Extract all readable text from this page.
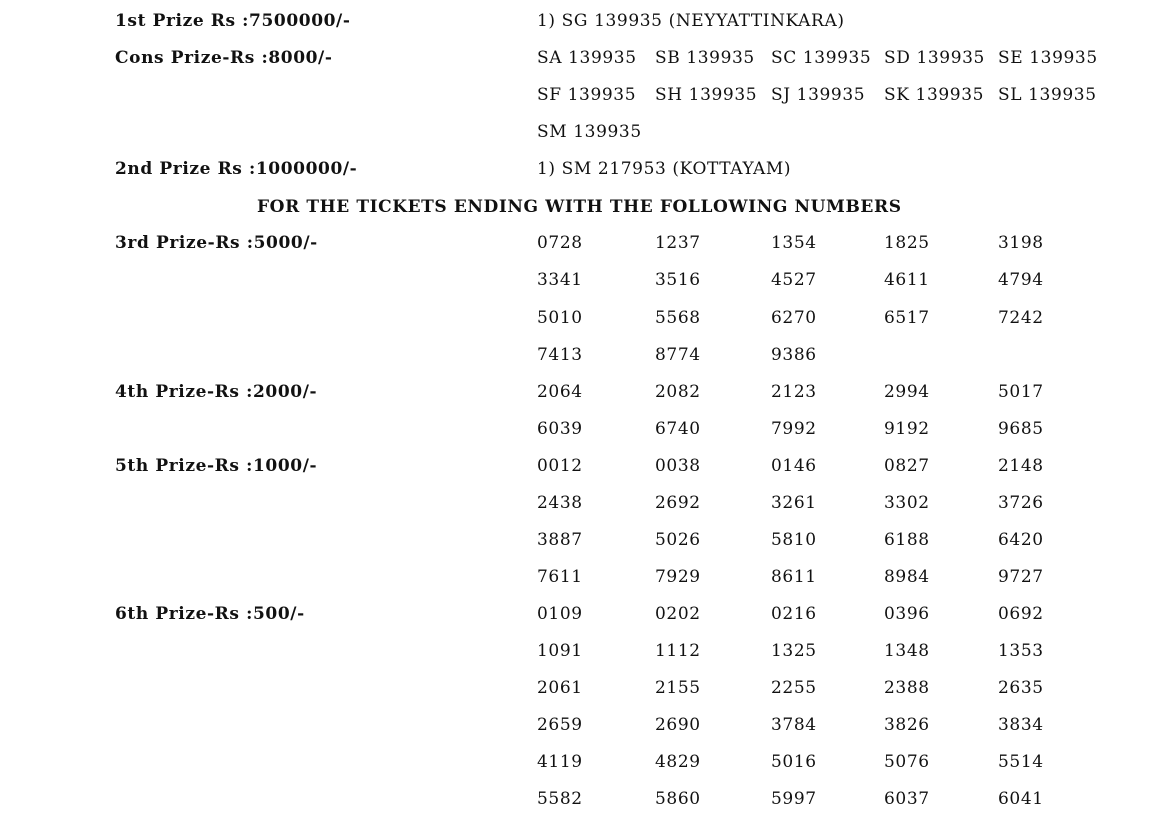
1st Prize Rs :7500000/-	1) SG 139935 (NEYYATTINKARA)
Cons Prize-Rs :8000/-	SA 139935 SB 139935 SC 139935 SD 139935 SE 139935
SF 139935 SH 139935 SJ 139935 SK 139935 SL 139935
SM 139935
2nd Prize Rs :1000000/-	1) SM 217953 (KOTTAYAM)
FOR THE TICKETS ENDING WITH THE FOLLOWING NUMBERS
3rd Prize-Rs :5000/-	0728	1237	1354	1825	3198
3341	3516	4527	4611	4794
5010	5568	6270	6517	7242
7413	8774	9386
4th Prize-Rs :2000/-	2064	2082	2123	2994	5017
6039	6740	7992	9192	9685
5th Prize-Rs :1000/-	0012	0038	0146	0827	2148
2438	2692	3261	3302	3726
3887	5026	5810	6188	6420
7611	7929	8611	8984	9727
6th Prize-Rs :500/-	0109	0202	0216	0396	0692
1091	1112	1325	1348	1353
2061	2155	2255	2388	2635
2659	2690	3784	3826	3834
4119	4829	5016	5076	5514
5582	5860	5997	6037	6041
